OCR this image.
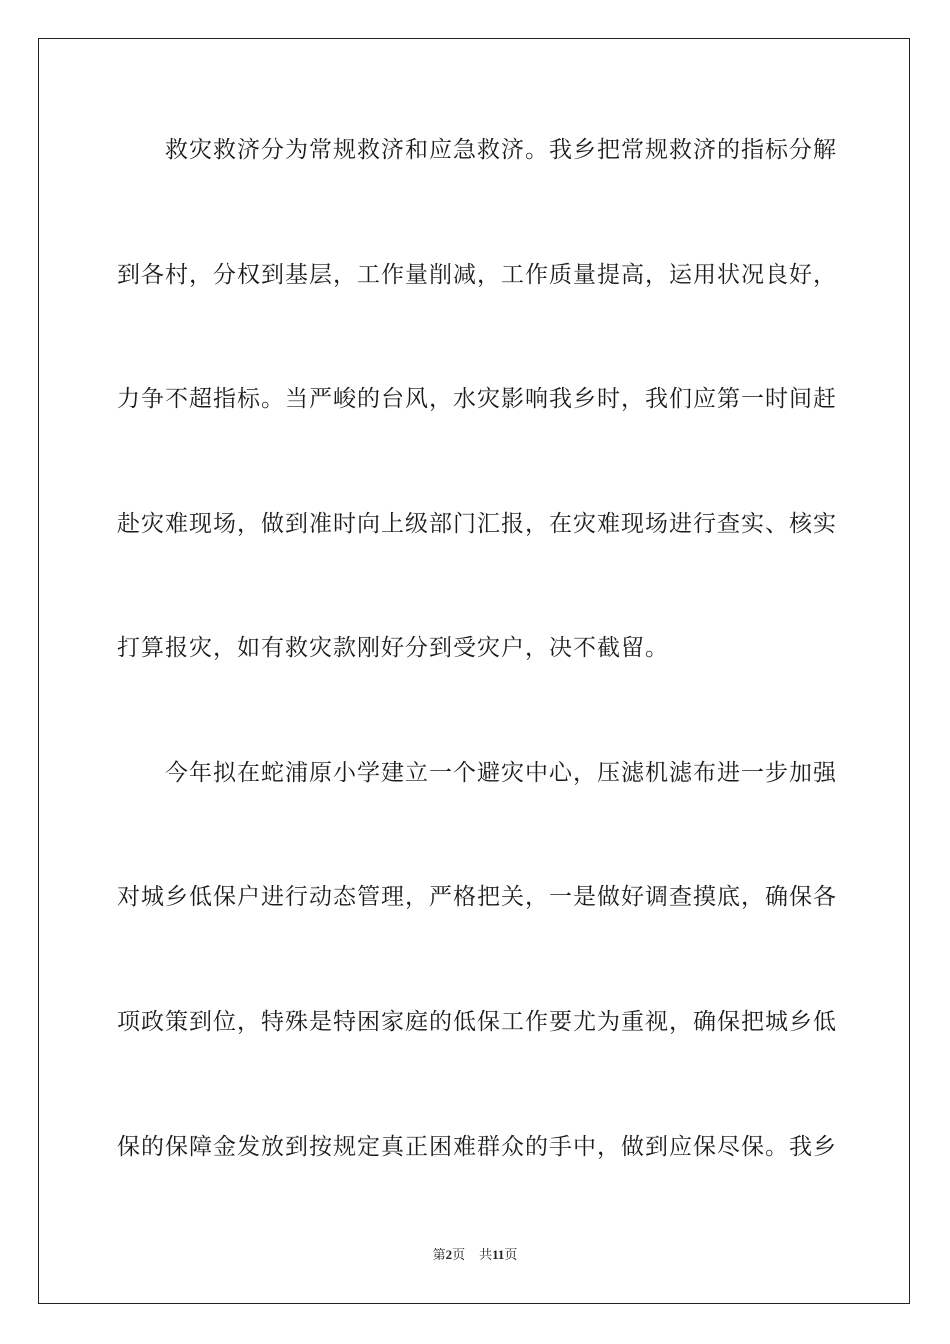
救灾救济分为常规救济和应急救济。我乡把常规救济的指标分解
到各村，分权到基层，工作量削减，工作质量提高，运用状况良好，
力争不超指标。当严峻的台风，水灾影响我乡时，我们应第一时间赶
赴灾难现场，做到准时向上级部门汇报，在灾难现场进行查实、核实
打算报灾，如有救灾款刚好分到受灾户，决不截留。
今年拟在蛇浦原小学建立一个避灾中心，压滤机滤布进一步加强
对城乡低保户进行动态管理，严格把关，一是做好调查摸底，确保各
项政策到位，特殊是特困家庭的低保工作要尤为重视，确保把城乡低
保的保障金发放到按规定真正困难群众的手中，做到应保尽保。我乡
第2页 共11页
